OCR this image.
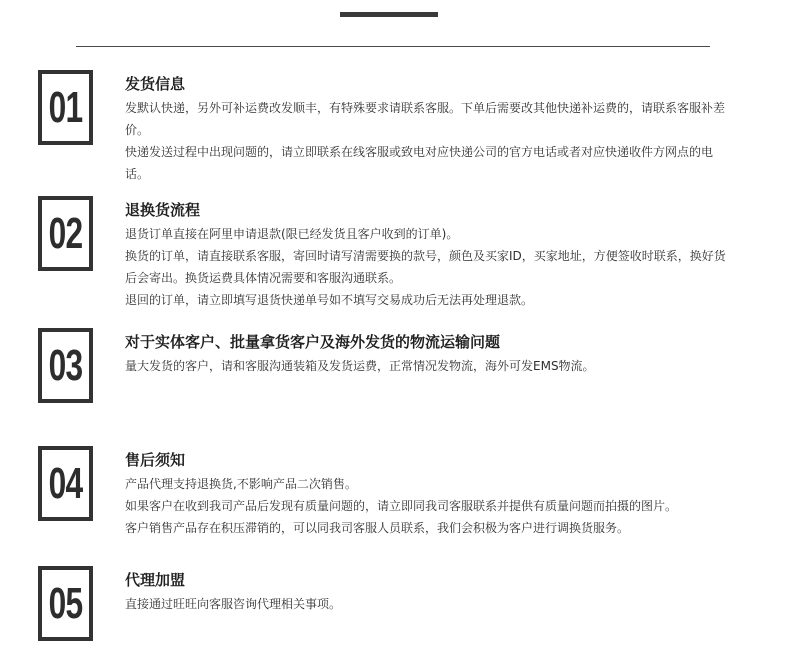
01	发货信息

发默认快递，另外可补运费改发顺丰，有特殊要求请联系客服。下单后需要改其他快递补运费的，请联系客服补差价。

快递发送过程中出现问题的，请立即联系在线客服或致电对应快递公司的官方电话或者对应快递收件方网点的电话。

02	退换货流程

退货订单直接在阿里申请退款(限已经发货且客户收到的订单)。

换货的订单，请直接联系客服，寄回时请写清需要换的款号，颜色及买家ID，买家地址，方便签收时联系，换好货后会寄出。换货运费具体情况需要和客服沟通联系。

退回的订单，请立即填写退货快递单号如不填写交易成功后无法再处理退款。

03	对于实体客户、批量拿货客户及海外发货的物流运输问题

量大发货的客户，请和客服沟通装箱及发货运费，正常情况发物流，海外可发EMS物流。

04	售后须知

产品代理支持退换货,不影响产品二次销售。

如果客户在收到我司产品后发现有质量问题的，请立即同我司客服联系并提供有质量问题而拍摄的图片。

客户销售产品存在积压滞销的，可以同我司客服人员联系，我们会积极为客户进行调换货服务。

05	代理加盟

直接通过旺旺向客服咨询代理相关事项。
